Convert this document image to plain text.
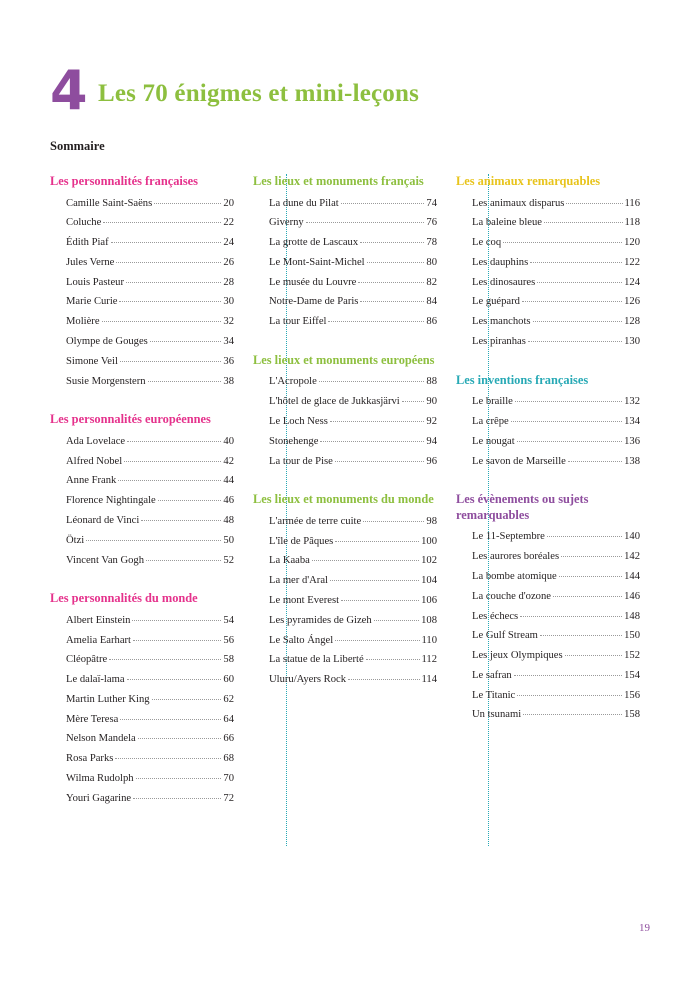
4 Les 70 énigmes et mini-leçons
Sommaire
Les personnalités françaises
Camille Saint-Saëns	20
Coluche	22
Édith Piaf	24
Jules Verne	26
Louis Pasteur	28
Marie Curie	30
Molière	32
Olympe de Gouges	34
Simone Veil	36
Susie Morgenstern	38
Les personnalités européennes
Ada Lovelace	40
Alfred Nobel	42
Anne Frank	44
Florence Nightingale	46
Léonard de Vinci	48
Ötzi	50
Vincent Van Gogh	52
Les personnalités du monde
Albert Einstein	54
Amelia Earhart	56
Cléopâtre	58
Le dalaï-lama	60
Martin Luther King	62
Mère Teresa	64
Nelson Mandela	66
Rosa Parks	68
Wilma Rudolph	70
Youri Gagarine	72
Les lieux et monuments français
La dune du Pilat	74
Giverny	76
La grotte de Lascaux	78
Le Mont-Saint-Michel	80
Le musée du Louvre	82
Notre-Dame de Paris	84
La tour Eiffel	86
Les lieux et monuments européens
L'Acropole	88
L'hôtel de glace de Jukkasjärvi	90
Le Loch Ness	92
Stonehenge	94
La tour de Pise	96
Les lieux et monuments du monde
L'armée de terre cuite	98
L'île de Pâques	100
La Kaaba	102
La mer d'Aral	104
Le mont Everest	106
Les pyramides de Gizeh	108
Le Salto Ángel	110
La statue de la Liberté	112
Uluru/Ayers Rock	114
Les animaux remarquables
Les animaux disparus	116
La baleine bleue	118
Le coq	120
Les dauphins	122
Les dinosaures	124
Le guépard	126
Les manchots	128
Les piranhas	130
Les inventions françaises
Le braille	132
La crêpe	134
Le nougat	136
Le savon de Marseille	138
Les évènements ou sujets remarquables
Le 11-Septembre	140
Les aurores boréales	142
La bombe atomique	144
La couche d'ozone	146
Les échecs	148
Le Gulf Stream	150
Les jeux Olympiques	152
Le safran	154
Le Titanic	156
Un tsunami	158
19
